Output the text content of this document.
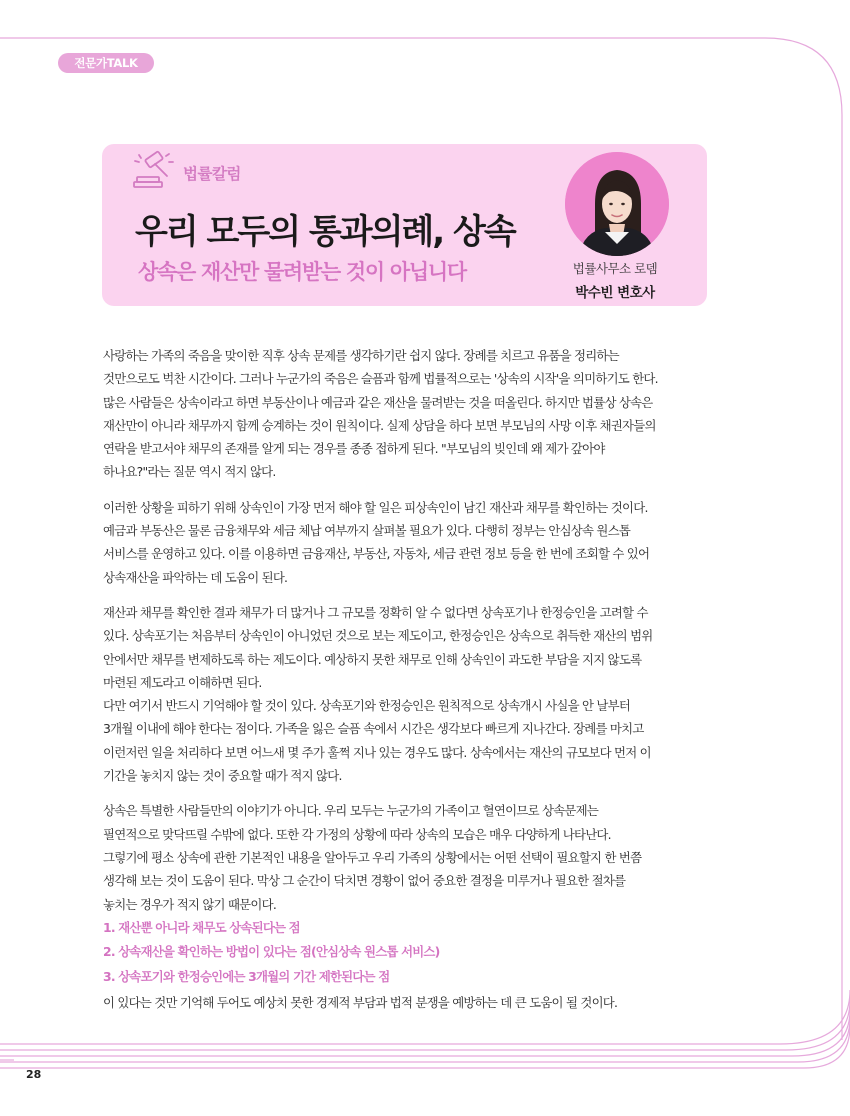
전문가TALK
법률칼럼
우리 모두의 통과의례, 상속
상속은 재산만 물려받는 것이 아닙니다	법률사무소 로뎀
박수빈 변호사

사랑하는 가족의 죽음을 맞이한 직후 상속 문제를 생각하기란 쉽지 않다. 장례를 치르고 유품을 정리하는
것만으로도 벅찬 시간이다. 그러나 누군가의 죽음은 슬픔과 함께 법률적으로는 '상속의 시작'을 의미하기도 한다.
많은 사람들은 상속이라고 하면 부동산이나 예금과 같은 재산을 물려받는 것을 떠올린다. 하지만 법률상 상속은
재산만이 아니라 채무까지 함께 승계하는 것이 원칙이다. 실제 상담을 하다 보면 부모님의 사망 이후 채권자들의
연락을 받고서야 채무의 존재를 알게 되는 경우를 종종 접하게 된다. "부모님의 빚인데 왜 제가 갚아야
하나요?"라는 질문 역시 적지 않다.

이러한 상황을 피하기 위해 상속인이 가장 먼저 해야 할 일은 피상속인이 남긴 재산과 채무를 확인하는 것이다.
예금과 부동산은 물론 금융채무와 세금 체납 여부까지 살펴볼 필요가 있다. 다행히 정부는 안심상속 원스톱
서비스를 운영하고 있다. 이를 이용하면 금융재산, 부동산, 자동차, 세금 관련 정보 등을 한 번에 조회할 수 있어
상속재산을 파악하는 데 도움이 된다.

재산과 채무를 확인한 결과 채무가 더 많거나 그 규모를 정확히 알 수 없다면 상속포기나 한정승인을 고려할 수
있다. 상속포기는 처음부터 상속인이 아니었던 것으로 보는 제도이고, 한정승인은 상속으로 취득한 재산의 범위
안에서만 채무를 변제하도록 하는 제도이다. 예상하지 못한 채무로 인해 상속인이 과도한 부담을 지지 않도록
마련된 제도라고 이해하면 된다.
다만 여기서 반드시 기억해야 할 것이 있다. 상속포기와 한정승인은 원칙적으로 상속개시 사실을 안 날부터
3개월 이내에 해야 한다는 점이다. 가족을 잃은 슬픔 속에서 시간은 생각보다 빠르게 지나간다. 장례를 마치고
이런저런 일을 처리하다 보면 어느새 몇 주가 훌쩍 지나 있는 경우도 많다. 상속에서는 재산의 규모보다 먼저 이
기간을 놓치지 않는 것이 중요할 때가 적지 않다.

상속은 특별한 사람들만의 이야기가 아니다. 우리 모두는 누군가의 가족이고 혈연이므로 상속문제는
필연적으로 맞닥뜨릴 수밖에 없다. 또한 각 가정의 상황에 따라 상속의 모습은 매우 다양하게 나타난다.
그렇기에 평소 상속에 관한 기본적인 내용을 알아두고 우리 가족의 상황에서는 어떤 선택이 필요할지 한 번쯤
생각해 보는 것이 도움이 된다. 막상 그 순간이 닥치면 경황이 없어 중요한 결정을 미루거나 필요한 절차를
놓치는 경우가 적지 않기 때문이다.

1. 재산뿐 아니라 채무도 상속된다는 점
2. 상속재산을 확인하는 방법이 있다는 점(안심상속 원스톱 서비스)
3. 상속포기와 한정승인에는 3개월의 기간 제한된다는 점

이 있다는 것만 기억해 두어도 예상치 못한 경제적 부담과 법적 분쟁을 예방하는 데 큰 도움이 될 것이다.

28
